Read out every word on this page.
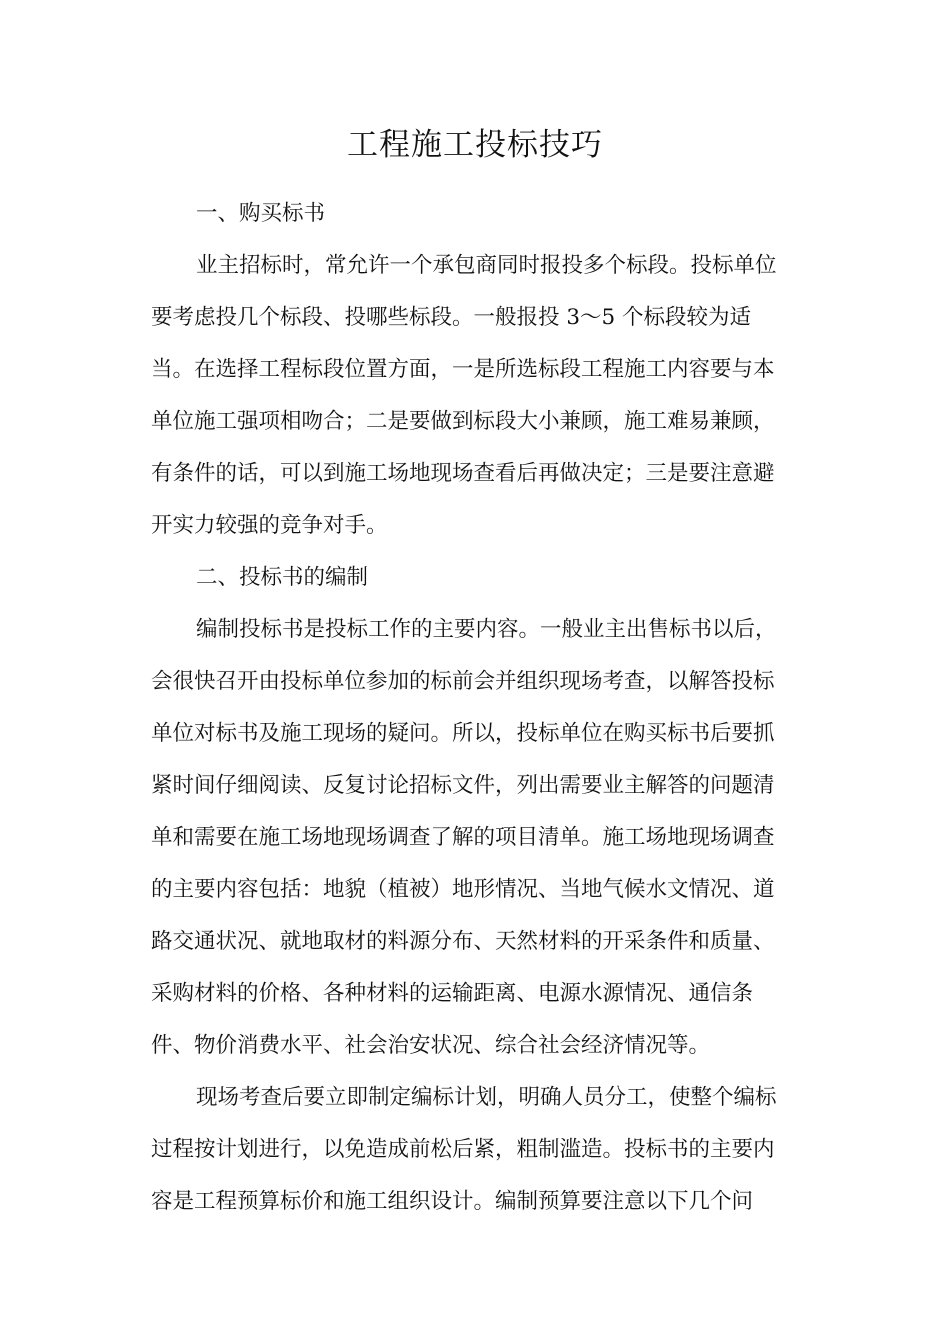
工程施工投标技巧
一、购买标书
业主招标时，常允许一个承包商同时报投多个标段。投标单位
要考虑投几个标段、投哪些标段。一般报投 3～5 个标段较为适
当。在选择工程标段位置方面，一是所选标段工程施工内容要与本
单位施工强项相吻合；二是要做到标段大小兼顾，施工难易兼顾，
有条件的话，可以到施工场地现场查看后再做决定；三是要注意避
开实力较强的竞争对手。
二、投标书的编制
编制投标书是投标工作的主要内容。一般业主出售标书以后，
会很快召开由投标单位参加的标前会并组织现场考查，以解答投标
单位对标书及施工现场的疑问。所以，投标单位在购买标书后要抓
紧时间仔细阅读、反复讨论招标文件，列出需要业主解答的问题清
单和需要在施工场地现场调查了解的项目清单。施工场地现场调查
的主要内容包括：地貌（植被）地形情况、当地气候水文情况、道
路交通状况、就地取材的料源分布、天然材料的开采条件和质量、
采购材料的价格、各种材料的运输距离、电源水源情况、通信条
件、物价消费水平、社会治安状况、综合社会经济情况等。
现场考查后要立即制定编标计划，明确人员分工，使整个编标
过程按计划进行，以免造成前松后紧，粗制滥造。投标书的主要内
容是工程预算标价和施工组织设计。编制预算要注意以下几个问
